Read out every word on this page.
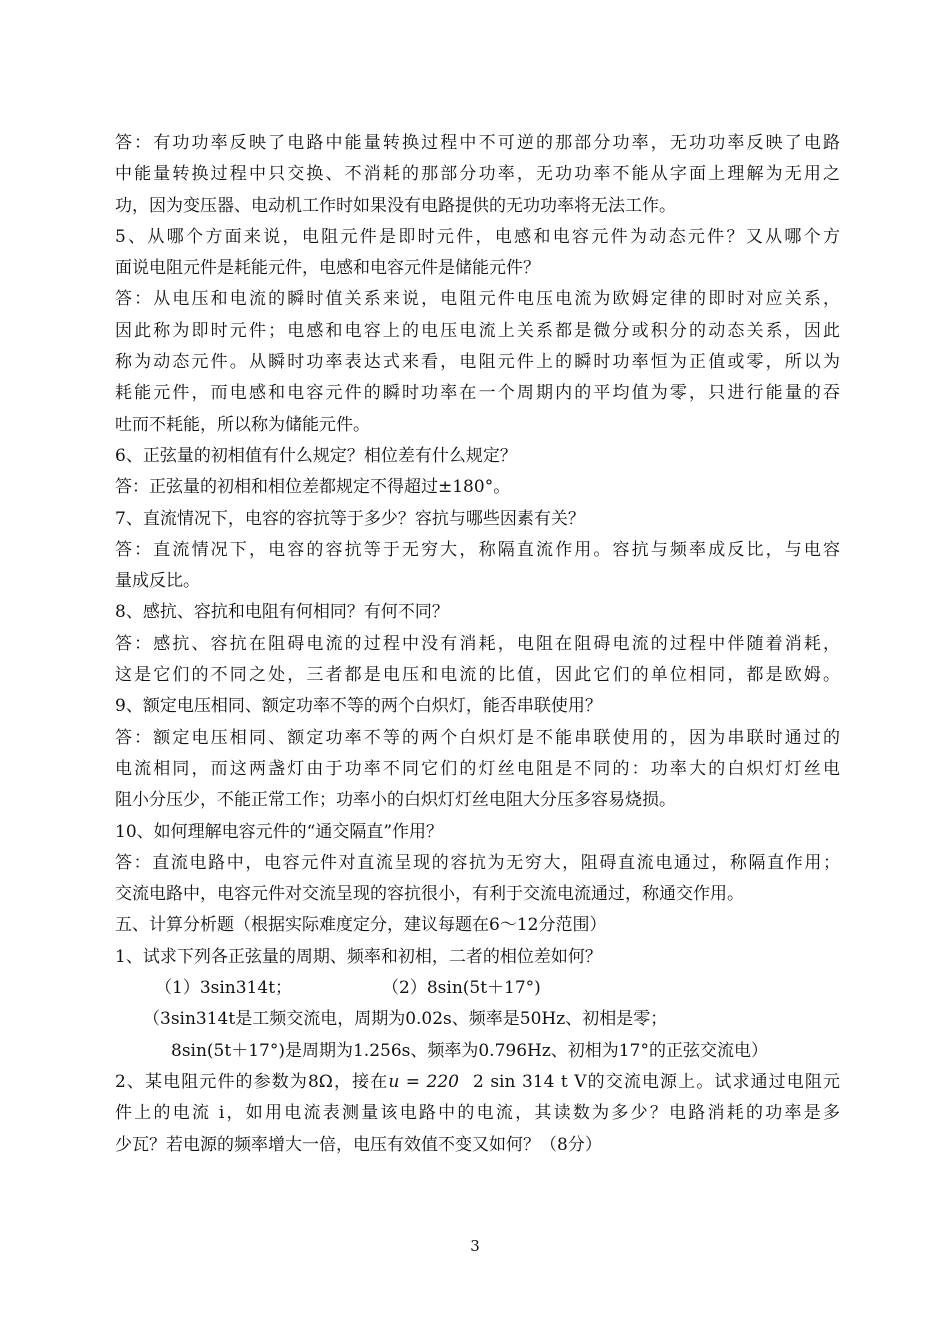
答：有功功率反映了电路中能量转换过程中不可逆的那部分功率，无功功率反映了电路
中能量转换过程中只交换、不消耗的那部分功率，无功功率不能从字面上理解为无用之
功，因为变压器、电动机工作时如果没有电路提供的无功功率将无法工作。
5、从哪个方面来说，电阻元件是即时元件，电感和电容元件为动态元件？又从哪个方
面说电阻元件是耗能元件，电感和电容元件是储能元件？
答：从电压和电流的瞬时值关系来说，电阻元件电压电流为欧姆定律的即时对应关系，
因此称为即时元件；电感和电容上的电压电流上关系都是微分或积分的动态关系，因此
称为动态元件。从瞬时功率表达式来看，电阻元件上的瞬时功率恒为正值或零，所以为
耗能元件，而电感和电容元件的瞬时功率在一个周期内的平均值为零，只进行能量的吞
吐而不耗能，所以称为储能元件。
6、正弦量的初相值有什么规定？相位差有什么规定？
答：正弦量的初相和相位差都规定不得超过±180°。
7、直流情况下，电容的容抗等于多少？容抗与哪些因素有关？
答：直流情况下，电容的容抗等于无穷大，称隔直流作用。容抗与频率成反比，与电容
量成反比。
8、感抗、容抗和电阻有何相同？有何不同？
答：感抗、容抗在阻碍电流的过程中没有消耗，电阻在阻碍电流的过程中伴随着消耗，
这是它们的不同之处，三者都是电压和电流的比值，因此它们的单位相同，都是欧姆。
9、额定电压相同、额定功率不等的两个白炽灯，能否串联使用？
答：额定电压相同、额定功率不等的两个白炽灯是不能串联使用的，因为串联时通过的
电流相同，而这两盏灯由于功率不同它们的灯丝电阻是不同的：功率大的白炽灯灯丝电
阻小分压少，不能正常工作；功率小的白炽灯灯丝电阻大分压多容易烧损。
10、如何理解电容元件的“通交隔直”作用？
答：直流电路中，电容元件对直流呈现的容抗为无穷大，阻碍直流电通过，称隔直作用；
交流电路中，电容元件对交流呈现的容抗很小，有利于交流电流通过，称通交作用。
五、计算分析题（根据实际难度定分，建议每题在6～12分范围）
1、试求下列各正弦量的周期、频率和初相，二者的相位差如何？
（1）3sin314t；	（2）8sin(5t＋17°)
（3sin314t是工频交流电，周期为0.02s、频率是50Hz、初相是零；
8sin(5t＋17°)是周期为1.256s、频率为0.796Hz、初相为17°的正弦交流电）
2、某电阻元件的参数为8Ω，接在u = 220 2 sin 314 t V的交流电源上。试求通过电阻元
件上的电流 i，如用电流表测量该电路中的电流，其读数为多少？电路消耗的功率是多
少瓦？若电源的频率增大一倍，电压有效值不变又如何？（8分）
3
